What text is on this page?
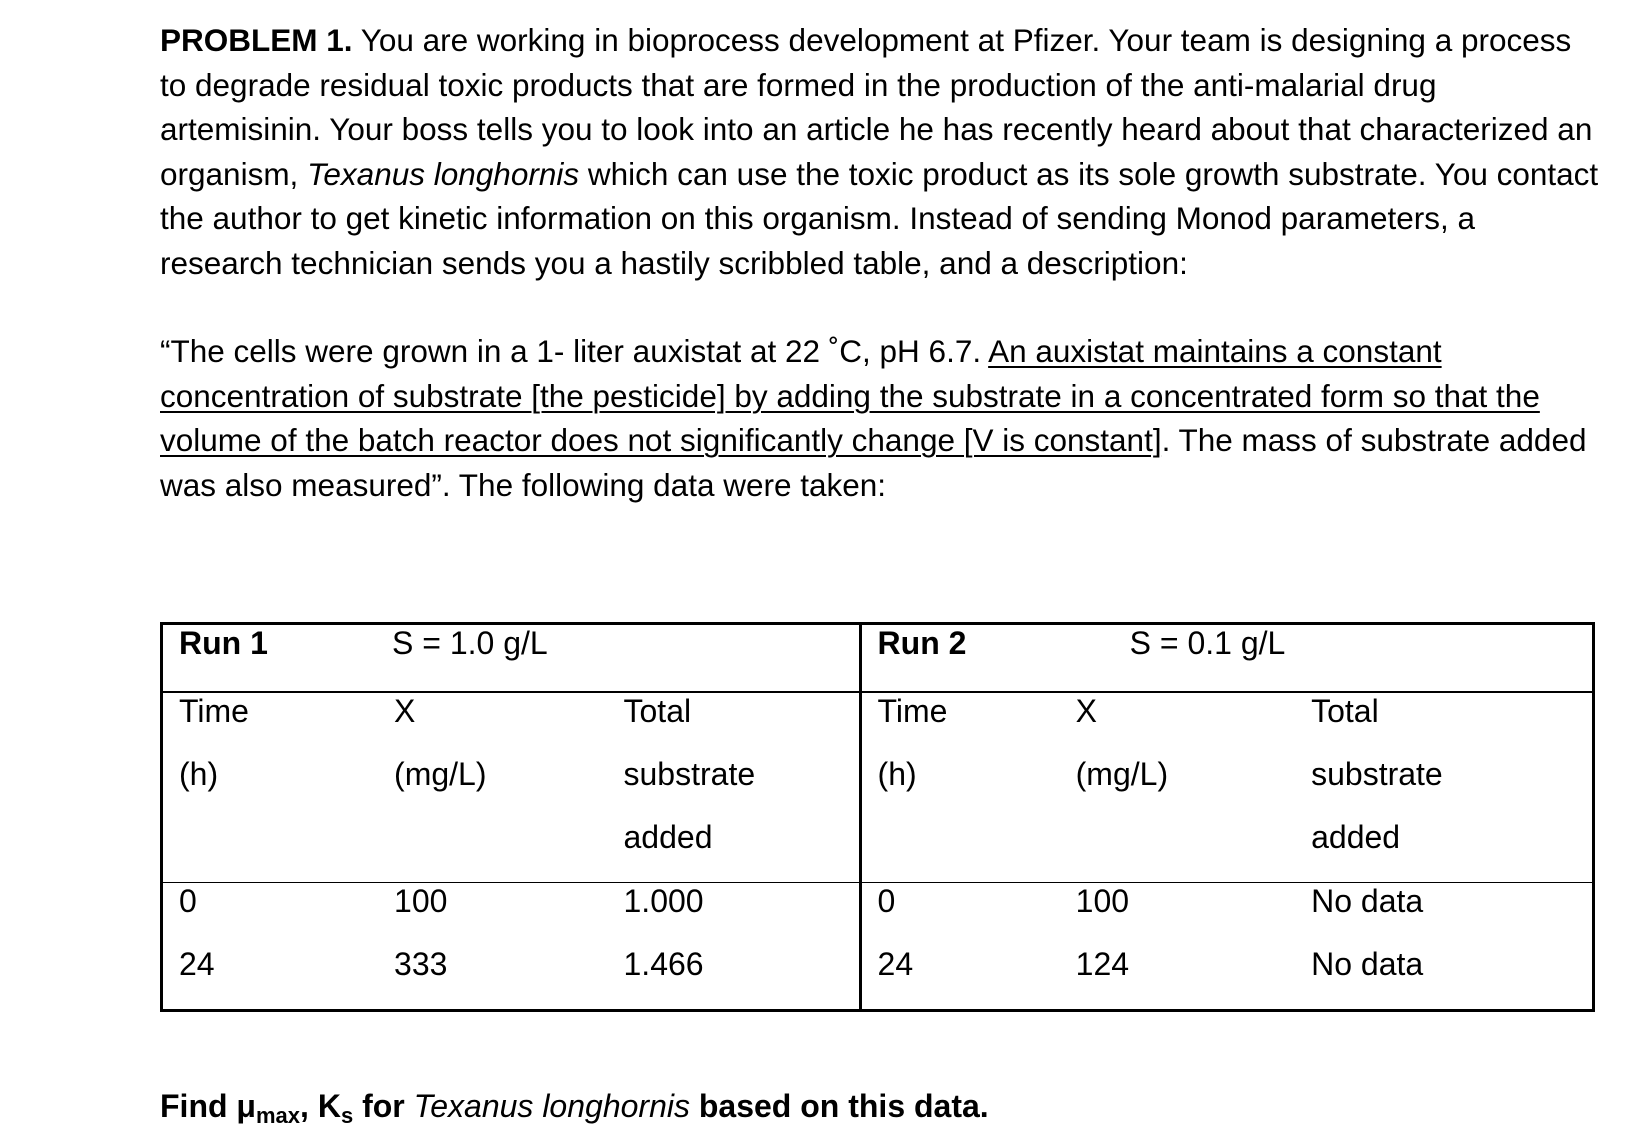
PROBLEM 1. You are working in bioprocess development at Pfizer. Your team is designing a process to degrade residual toxic products that are formed in the production of the anti-malarial drug artemisinin. Your boss tells you to look into an article he has recently heard about that characterized an organism, Texanus longhornis which can use the toxic product as its sole growth substrate. You contact the author to get kinetic information on this organism. Instead of sending Monod parameters, a research technician sends you a hastily scribbled table, and a description:

“The cells were grown in a 1- liter auxistat at 22 ˚C, pH 6.7. An auxistat maintains a constant concentration of substrate [the pesticide] by adding the substrate in a concentrated form so that the volume of the batch reactor does not significantly change [V is constant]. The mass of substrate added was also measured”. The following data were taken:

Run 1	S = 1.0 g/L		Run 2	S = 0.1 g/L	
Time	X	Total	Time	X	Total
(h)	(mg/L)	substrate	(h)	(mg/L)	substrate
		added			added
0	100	1.000	0	100	No data
24	333	1.466	24	124	No data
Find $\mu_{max}$, $K_s$ for Texanus longhornis based on this data.
